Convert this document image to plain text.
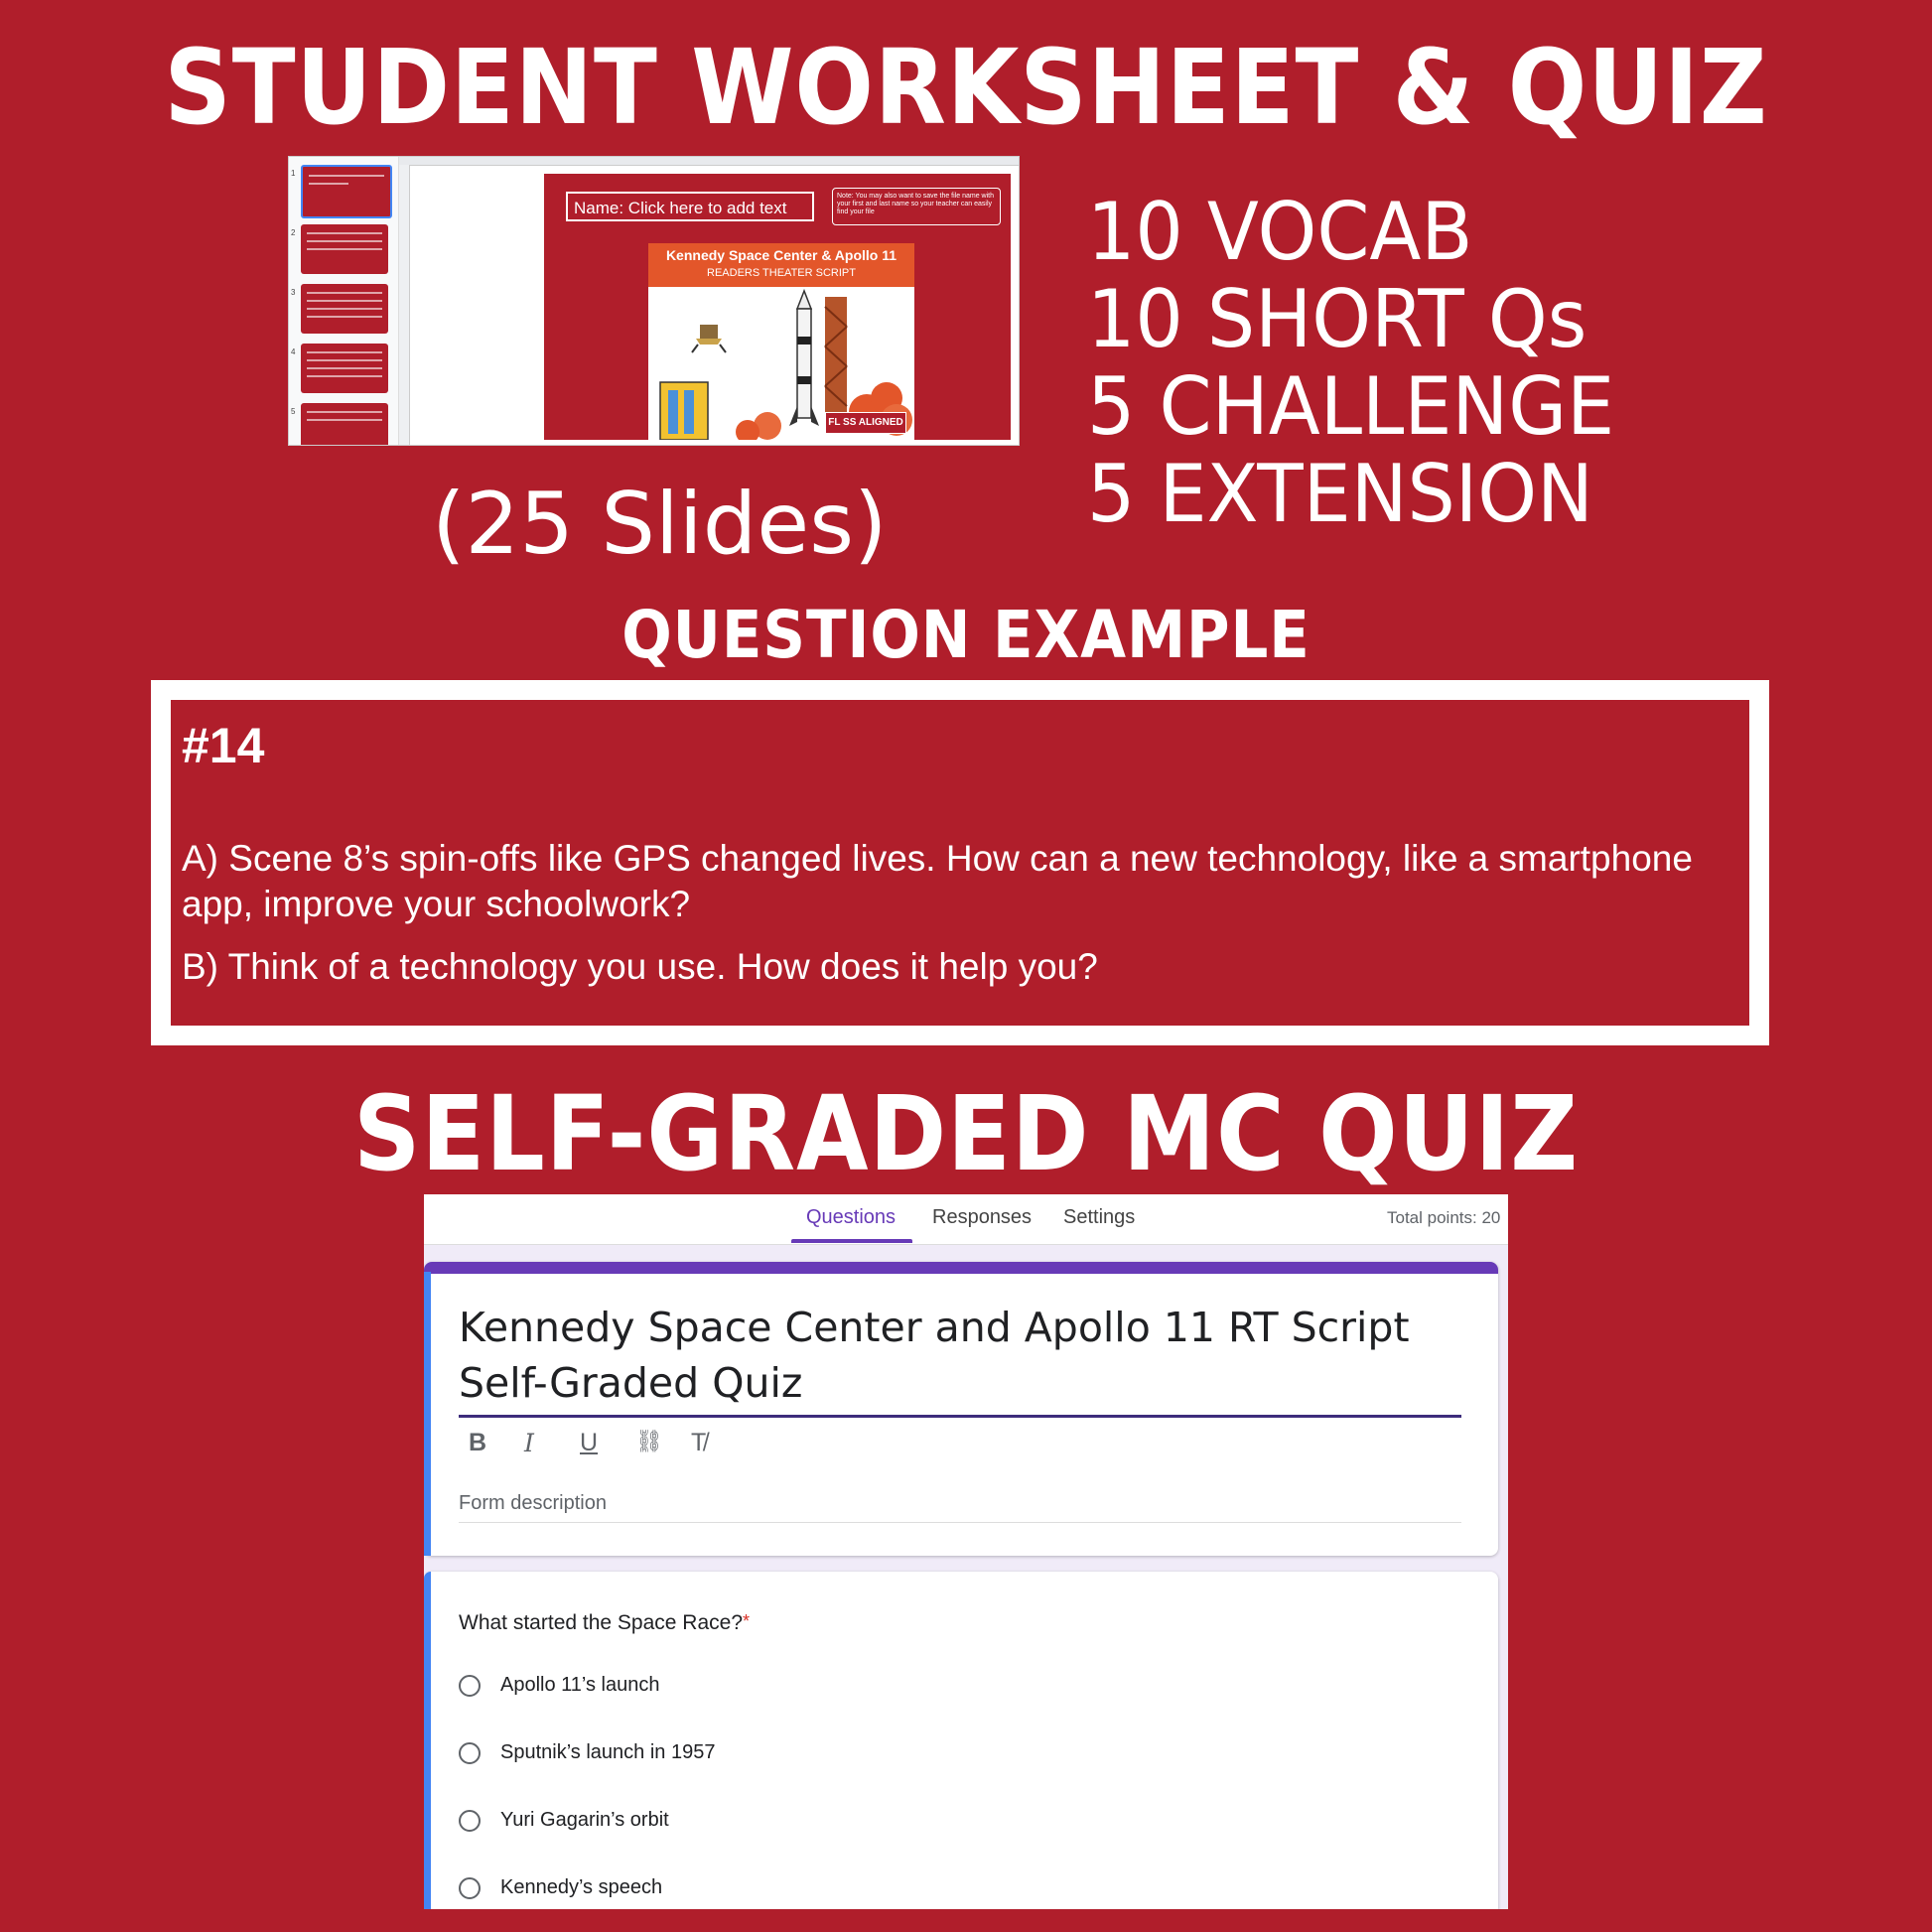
STUDENT WORKSHEET & QUIZ
1
2
3
4
5
Name: Click here to add text
Note: You may also want to save the file name with your first and last name so your teacher can easily find your file
Kennedy Space Center & Apollo 11
READERS THEATER SCRIPT
FL SS ALIGNED
(25 Slides)
10 VOCAB
10 SHORT Qs
5 CHALLENGE
5 EXTENSION
QUESTION EXAMPLE
#14
A) Scene 8’s spin-offs like GPS changed lives. How can a new technology, like a smartphone app, improve your schoolwork?
B) Think of a technology you use. How does it help you?
SELF-GRADED MC QUIZ
Questions Responses Settings	Total points: 20
Kennedy Space Center and Apollo 11 RT Script Self-Graded Quiz
B I U ⛓ T̸
Form description
What started the Space Race?*
Apollo 11’s launch
Sputnik’s launch in 1957
Yuri Gagarin’s orbit
Kennedy’s speech
